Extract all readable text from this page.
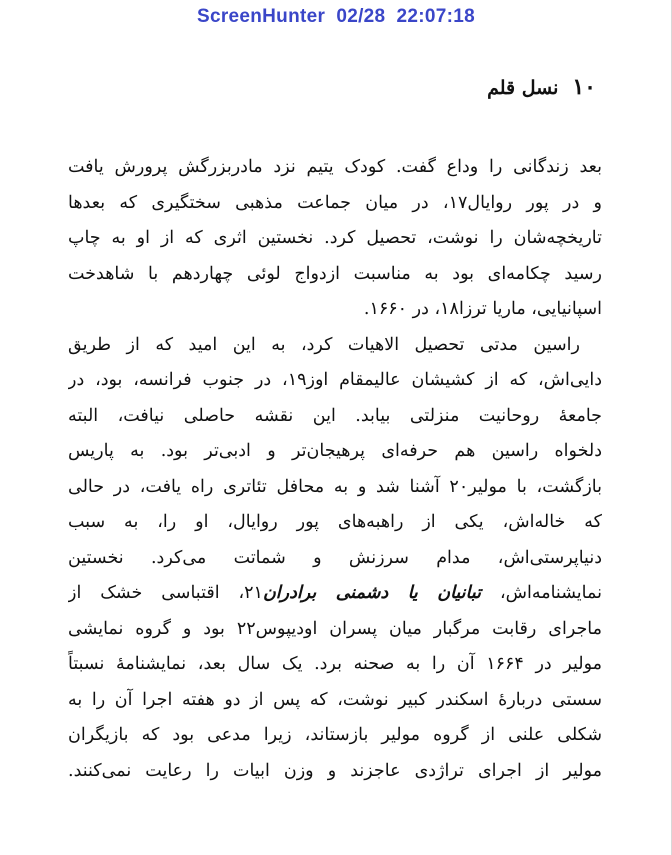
ScreenHunter  02/28  22:07:18
۱۰
نسل قلم
بعد زندگانی را وداع گفت. کودک یتیم نزد مادربزرگش پرورش یافت
و در پور روایال۱۷، در میان جماعت مذهبی سختگیری که بعدها
تاریخچه‌شان را نوشت، تحصیل کرد. نخستین اثری که از او به چاپ
رسید چکامه‌ای بود به مناسبت ازدواج لوئی چهاردهم با شاهدخت
اسپانیایی، ماریا ترزا۱۸، در ۱۶۶۰.
راسین مدتی تحصیل الاهیات کرد، به این امید که از طریق
دایی‌اش، که از کشیشان عالیمقام اوز۱۹، در جنوب فرانسه، بود، در
جامعهٔ روحانیت منزلتی بیابد. این نقشه حاصلی نیافت، البته
دلخواه راسین هم حرفه‌ای پرهیجان‌تر و ادبی‌تر بود. به پاریس
بازگشت، با مولیر۲۰ آشنا شد و به محافل تئاتری راه یافت، در حالی
که خاله‌اش، یکی از راهبه‌های پور روایال، او را، به سبب
دنیاپرستی‌اش، مدام سرزنش و شماتت می‌کرد. نخستین
نمایشنامه‌اش، تبانیان یا دشمنی برادران۲۱، اقتباسی خشک از
ماجرای رقابت مرگبار میان پسران اودیپوس۲۲ بود و گروه نمایشی
مولیر در ۱۶۶۴ آن را به صحنه برد. یک سال بعد، نمایشنامهٔ نسبتاً
سستی دربارهٔ اسکندر کبیر نوشت، که پس از دو هفته اجرا آن را به
شکلی علنی از گروه مولیر بازستاند، زیرا مدعی بود که بازیگران
مولیر از اجرای تراژدی عاجزند و وزن ابیات را رعایت نمی‌کنند.
